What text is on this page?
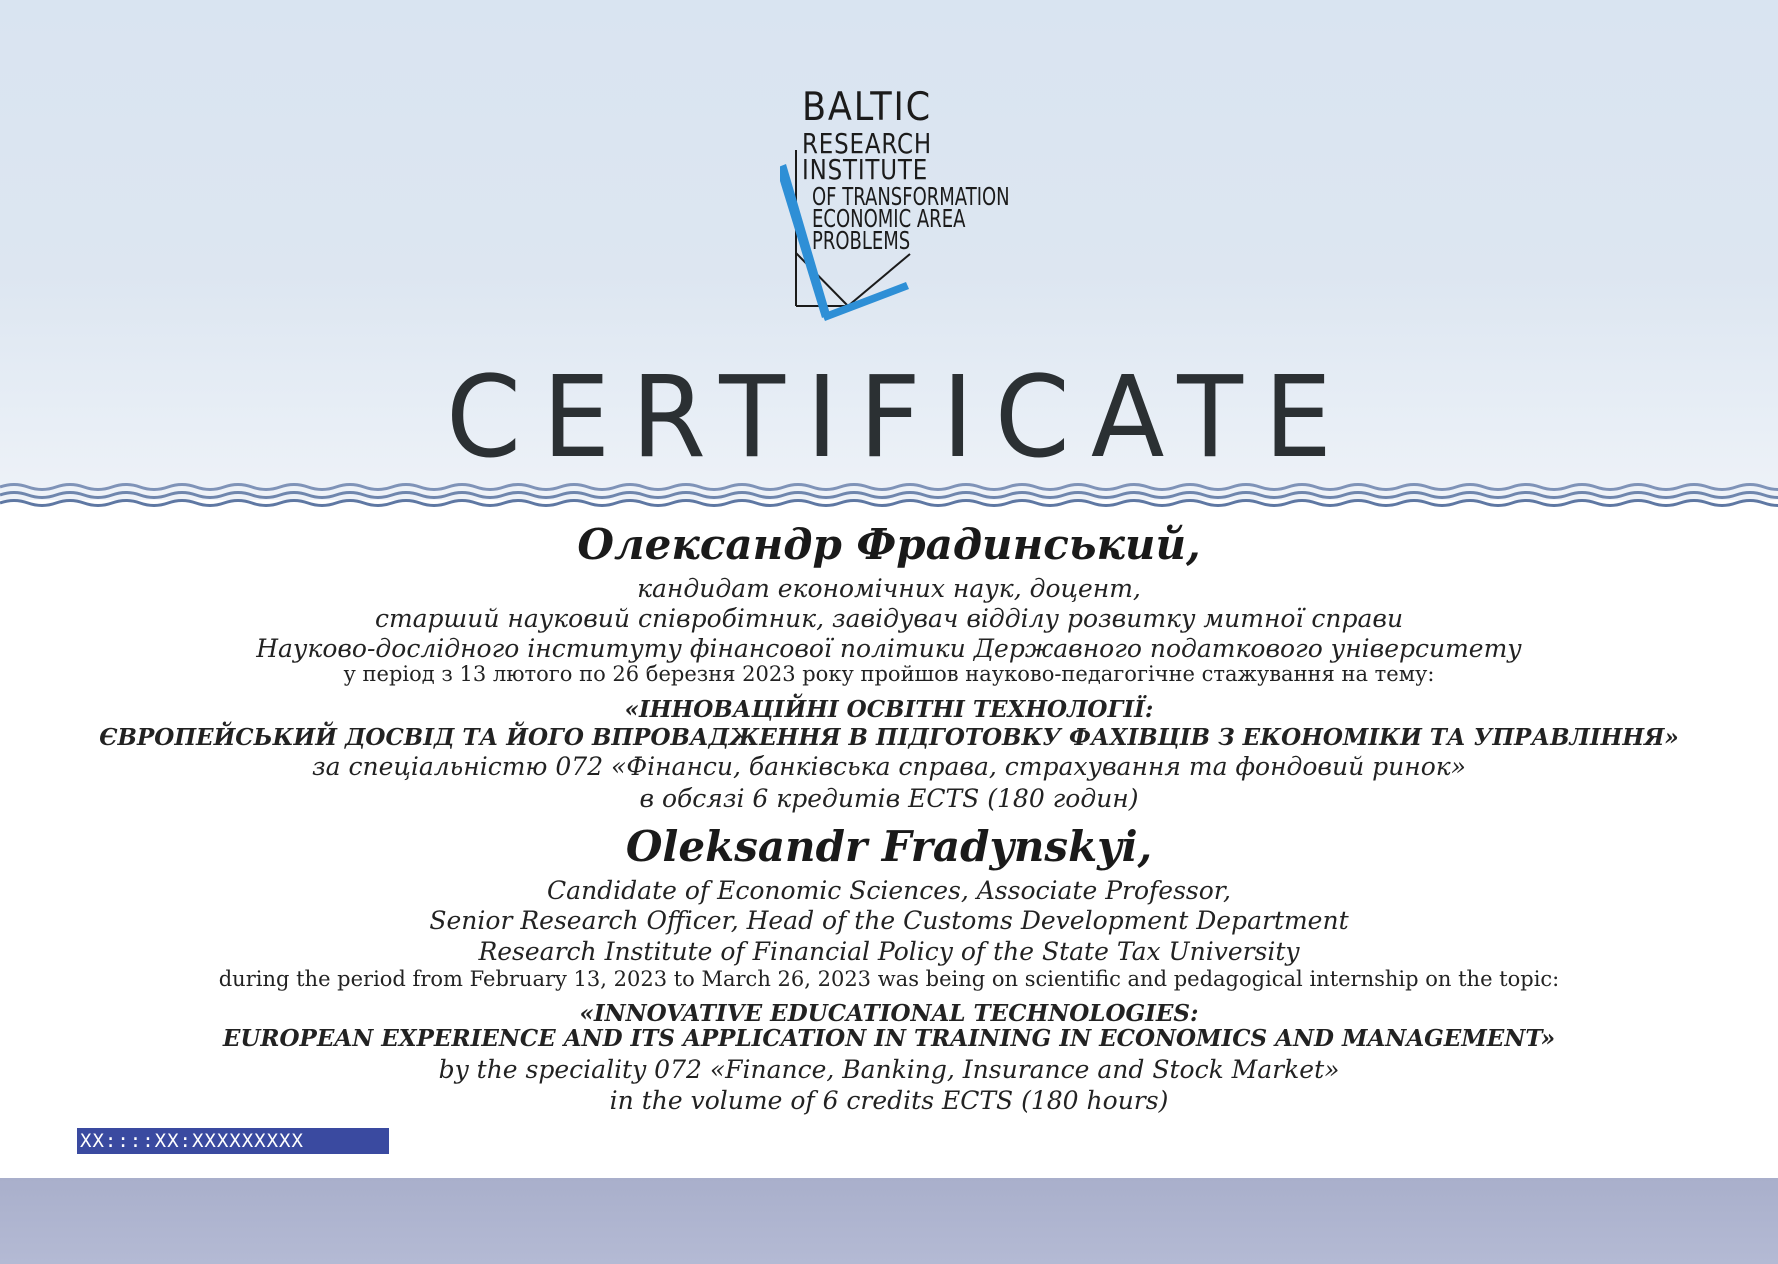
BALTIC
RESEARCH
INSTITUTE
OF TRANSFORMATION
ECONOMIC AREA
PROBLEMS
CERTIFICATE
Олександр Фрадинський,
кандидат економічних наук, доцент,
старший науковий співробітник, завідувач відділу розвитку митної справи
Науково-дослідного інституту фінансової політики Державного податкового університету
у період з 13 лютого по 26 березня 2023 року пройшов науково-педагогічне стажування на тему:
«ІННОВАЦІЙНІ ОСВІТНІ ТЕХНОЛОГІЇ:
ЄВРОПЕЙСЬКИЙ ДОСВІД ТА ЙОГО ВПРОВАДЖЕННЯ В ПІДГОТОВКУ ФАХІВЦІВ З ЕКОНОМІКИ ТА УПРАВЛІННЯ»
за спеціальністю 072 «Фінанси, банківська справа, страхування та фондовий ринок»
в обсязі 6 кредитів ECTS (180 годин)
Oleksandr Fradynskyi,
Candidate of Economic Sciences, Associate Professor,
Senior Research Officer, Head of the Customs Development Department
Research Institute of Financial Policy of the State Tax University
during the period from February 13, 2023 to March 26, 2023 was being on scientific and pedagogical internship on the topic:
«INNOVATIVE EDUCATIONAL TECHNOLOGIES:
EUROPEAN EXPERIENCE AND ITS APPLICATION IN TRAINING IN ECONOMICS AND MANAGEMENT»
by the speciality 072 «Finance, Banking, Insurance and Stock Market»
in the volume of 6 credits ECTS (180 hours)
XX::::XX:XXXXXXXXX
